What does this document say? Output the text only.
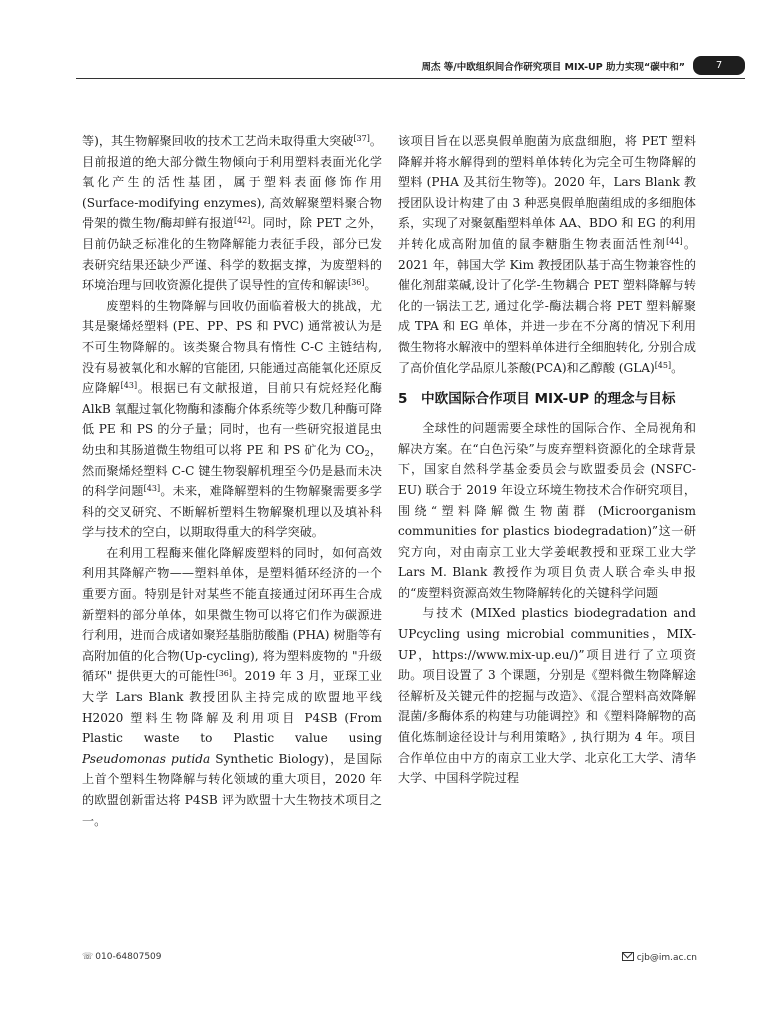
周杰 等/中欧组织间合作研究项目 MIX-UP 助力实现“碳中和”	7

等)，其生物解聚回收的技术工艺尚未取得重大突破[37]。目前报道的绝大部分微生物倾向于利用塑料表面光化学氧化产生的活性基团，属于塑料表面修饰作用 (Surface-modifying enzymes), 高效解聚塑料聚合物骨架的微生物/酶却鲜有报道[42]。同时，除 PET 之外，目前仍缺乏标准化的生物降解能力表征手段，部分已发表研究结果还缺少严谨、科学的数据支撑，为废塑料的环境治理与回收资源化提供了误导性的宣传和解读[36]。

废塑料的生物降解与回收仍面临着极大的挑战，尤其是聚烯烃塑料 (PE、PP、PS 和 PVC) 通常被认为是不可生物降解的。该类聚合物具有惰性 C-C 主链结构, 没有易被氧化和水解的官能团, 只能通过高能氧化还原反应降解[43]。根据已有文献报道，目前只有烷烃羟化酶 AlkB 氧醌过氧化物酶和漆酶介体系统等少数几种酶可降低 PE 和 PS 的分子量；同时，也有一些研究报道昆虫幼虫和其肠道微生物组可以将 PE 和 PS 矿化为 $CO_2$，然而聚烯烃塑料 C-C 键生物裂解机理至今仍是悬而未决的科学问题[43]。未来，难降解塑料的生物解聚需要多学科的交叉研究、不断解析塑料生物解聚机理以及填补科学与技术的空白，以期取得重大的科学突破。

在利用工程酶来催化降解废塑料的同时，如何高效利用其降解产物——塑料单体，是塑料循环经济的一个重要方面。特别是针对某些不能直接通过闭环再生合成新塑料的部分单体，如果微生物可以将它们作为碳源进行利用，进而合成诸如聚羟基脂肪酸酯 (PHA) 树脂等有高附加值的化合物(Up-cycling), 将为塑料废物的 "升级循环" 提供更大的可能性[36]。2019 年 3 月，亚琛工业大学 Lars Blank 教授团队主持完成的欧盟地平线 H2020 塑料生物降解及利用项目 P4SB (From Plastic waste to Plastic value using Pseudomonas putida Synthetic Biology)，是国际上首个塑料生物降解与转化领域的重大项目，2020 年的欧盟创新雷达将 P4SB 评为欧盟十大生物技术项目之一。

该项目旨在以恶臭假单胞菌为底盘细胞，将 PET 塑料降解并将水解得到的塑料单体转化为完全可生物降解的塑料 (PHA 及其衍生物等)。2020 年，Lars Blank 教授团队设计构建了由 3 种恶臭假单胞菌组成的多细胞体系，实现了对聚氨酯塑料单体 AA、BDO 和 EG 的利用并转化成高附加值的鼠李糖脂生物表面活性剂[44]。2021 年，韩国大学 Kim 教授团队基于高生物兼容性的催化剂甜菜碱,设计了化学-生物耦合 PET 塑料降解与转化的一锅法工艺, 通过化学-酶法耦合将 PET 塑料解聚成 TPA 和 EG 单体，并进一步在不分离的情况下利用微生物将水解液中的塑料单体进行全细胞转化, 分别合成了高价值化学品原儿茶酸(PCA)和乙醇酸 (GLA)[45]。

5　中欧国际合作项目 MIX-UP 的理念与目标

全球性的问题需要全球性的国际合作、全局视角和解决方案。在“白色污染”与废弃塑料资源化的全球背景下，国家自然科学基金委员会与欧盟委员会 (NSFC-EU) 联合于 2019 年设立环境生物技术合作研究项目，围绕“塑料降解微生物菌群 (Microorganism communities for plastics biodegradation)”这一研究方向，对由南京工业大学姜岷教授和亚琛工业大学 Lars M. Blank 教授作为项目负责人联合牵头申报的“废塑料资源高效生物降解转化的关键科学问题

与技术 (MIXed plastics biodegradation and UPcycling using microbial communities，MIX-UP，https://www.mix-up.eu/)”项目进行了立项资助。项目设置了 3 个课题，分别是《塑料微生物降解途径解析及关键元件的挖掘与改造》、《混合塑料高效降解混菌/多酶体系的构建与功能调控》和《塑料降解物的高值化炼制途径设计与利用策略》, 执行期为 4 年。项目合作单位由中方的南京工业大学、北京化工大学、清华大学、中国科学院过程

☏ 010-64807509	cjb@im.ac.cn
